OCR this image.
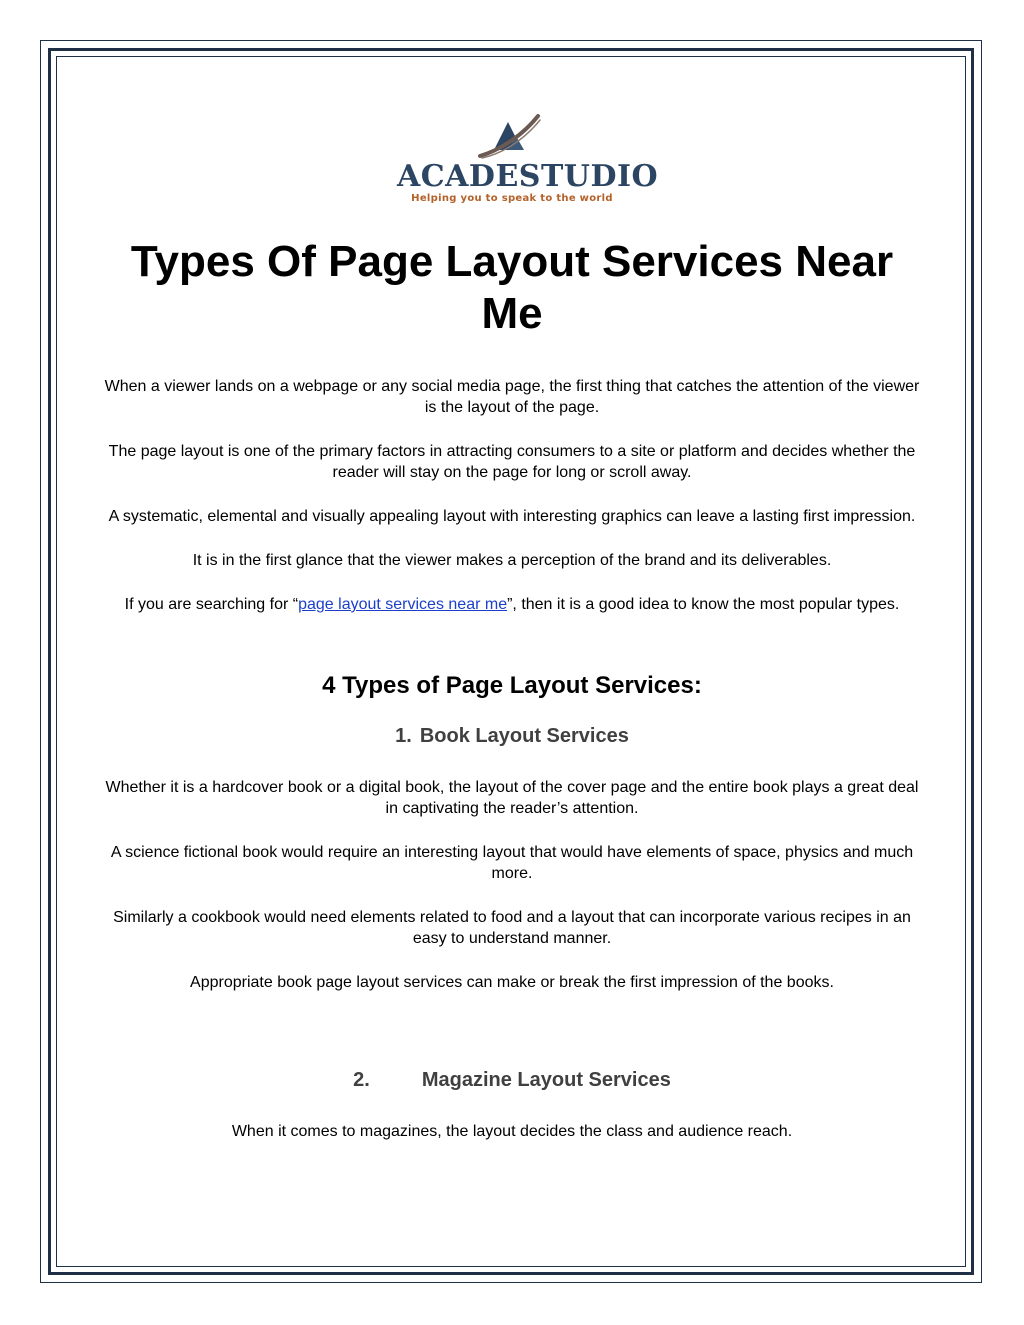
ACADESTUDIO
Helping you to speak to the world
Types Of Page Layout Services Near Me

When a viewer lands on a webpage or any social media page, the first thing that catches the attention of the viewer is the layout of the page.

The page layout is one of the primary factors in attracting consumers to a site or platform and decides whether the reader will stay on the page for long or scroll away.

A systematic, elemental and visually appealing layout with interesting graphics can leave a lasting first impression.

It is in the first glance that the viewer makes a perception of the brand and its deliverables.

If you are searching for “page layout services near me”, then it is a good idea to know the most popular types.

4 Types of Page Layout Services:
1. Book Layout Services

Whether it is a hardcover book or a digital book, the layout of the cover page and the entire book plays a great deal in captivating the reader’s attention.

A science fictional book would require an interesting layout that would have elements of space, physics and much more.

Similarly a cookbook would need elements related to food and a layout that can incorporate various recipes in an easy to understand manner.

Appropriate book page layout services can make or break the first impression of the books.

2.	Magazine Layout Services

When it comes to magazines, the layout decides the class and audience reach.
